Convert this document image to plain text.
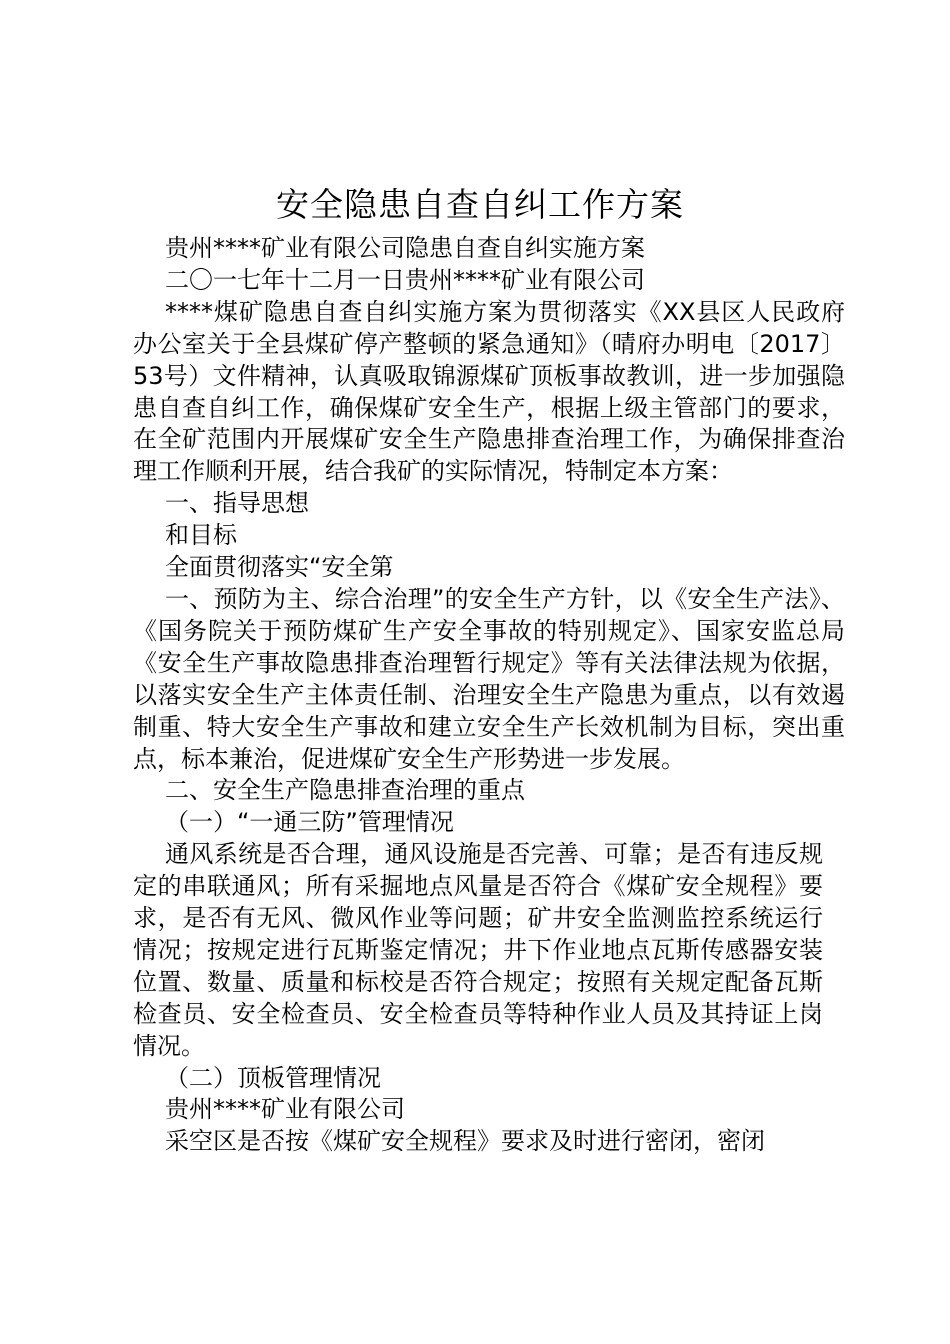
安全隐患自查自纠工作方案

贵州****矿业有限公司隐患自查自纠实施方案

二〇一七年十二月一日贵州****矿业有限公司

****煤矿隐患自查自纠实施方案为贯彻落实《XX县区人民政府办公室关于全县煤矿停产整顿的紧急通知》（晴府办明电〔2017〕53号）文件精神，认真吸取锦源煤矿顶板事故教训，进一步加强隐患自查自纠工作，确保煤矿安全生产，根据上级主管部门的要求，在全矿范围内开展煤矿安全生产隐患排查治理工作，为确保排查治理工作顺利开展，结合我矿的实际情况，特制定本方案：

一、指导思想

和目标

全面贯彻落实“安全第

一、预防为主、综合治理”的安全生产方针，以《安全生产法》、《国务院关于预防煤矿生产安全事故的特别规定》、国家安监总局《安全生产事故隐患排查治理暂行规定》等有关法律法规为依据，以落实安全生产主体责任制、治理安全生产隐患为重点，以有效遏制重、特大安全生产事故和建立安全生产长效机制为目标，突出重点，标本兼治，促进煤矿安全生产形势进一步发展。

二、安全生产隐患排查治理的重点

（一）“一通三防”管理情况

通风系统是否合理，通风设施是否完善、可靠；是否有违反规定的串联通风；所有采掘地点风量是否符合《煤矿安全规程》要求，是否有无风、微风作业等问题；矿井安全监测监控系统运行情况；按规定进行瓦斯鉴定情况；井下作业地点瓦斯传感器安装位置、数量、质量和标校是否符合规定；按照有关规定配备瓦斯检查员、安全检查员、安全检查员等特种作业人员及其持证上岗情况。

（二）顶板管理情况

贵州****矿业有限公司

采空区是否按《煤矿安全规程》要求及时进行密闭，密闭
